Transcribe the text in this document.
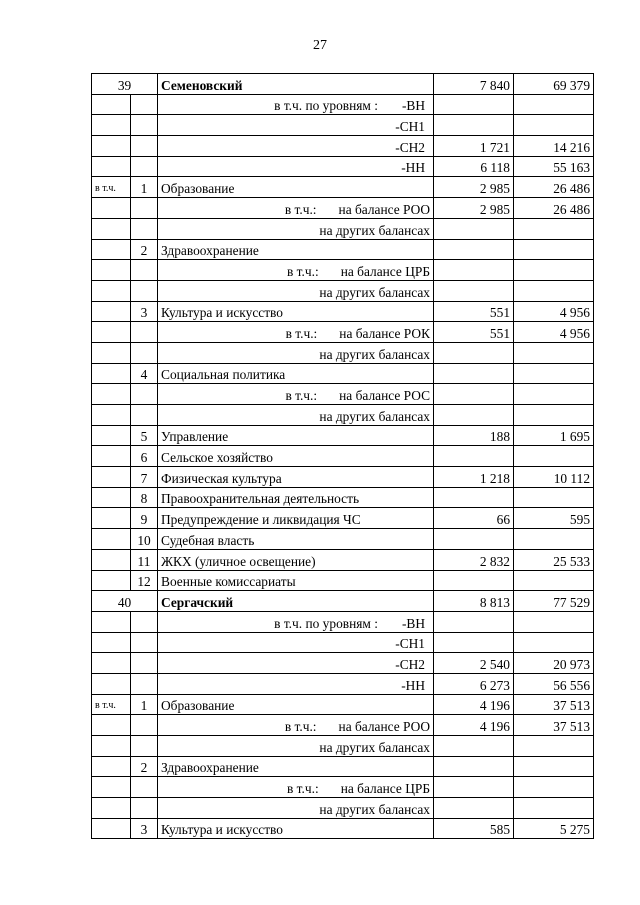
27
39		Семеновский	7 840	69 379
		в т.ч. по уровням : -ВН		
		-СН1		
		-СН2	1 721	14 216
		-НН	6 118	55 163
в т.ч.	1	Образование	2 985	26 486
		в т.ч.: на балансе РОО	2 985	26 486
		на других балансах		
	2	Здравоохранение		
		в т.ч.: на балансе ЦРБ		
		на других балансах		
	3	Культура и искусство	551	4 956
		в т.ч.: на балансе РОК	551	4 956
		на других балансах		
	4	Социальная политика		
		в т.ч.: на балансе РОС		
		на других балансах		
	5	Управление	188	1 695
	6	Сельское хозяйство		
	7	Физическая культура	1 218	10 112
	8	Правоохранительная деятельность		
	9	Предупреждение и ликвидация ЧС	66	595
	10	Судебная власть		
	11	ЖКХ (уличное освещение)	2 832	25 533
	12	Военные комиссариаты		
40		Сергачский	8 813	77 529
		в т.ч. по уровням : -ВН		
		-СН1		
		-СН2	2 540	20 973
		-НН	6 273	56 556
в т.ч.	1	Образование	4 196	37 513
		в т.ч.: на балансе РОО	4 196	37 513
		на других балансах		
	2	Здравоохранение		
		в т.ч.: на балансе ЦРБ		
		на других балансах		
	3	Культура и искусство	585	5 275
